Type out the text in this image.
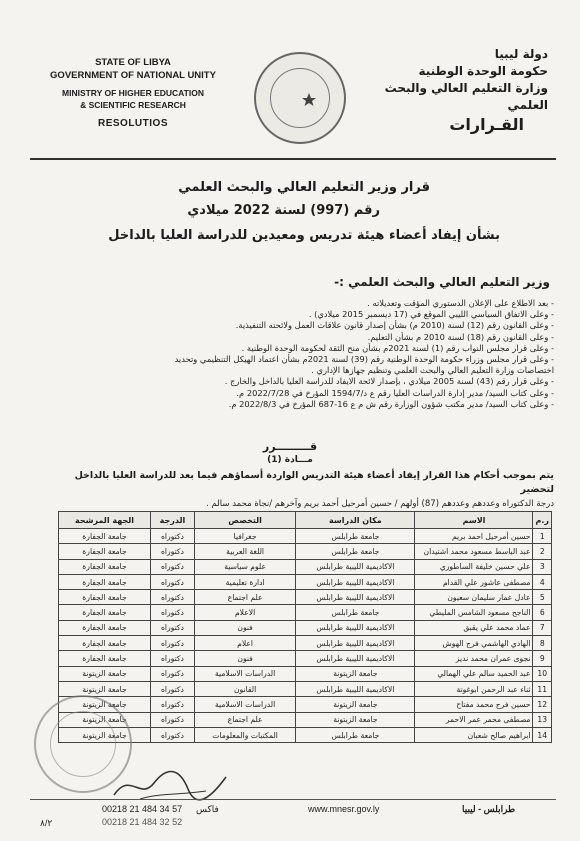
STATE OF LIBYA
GOVERNMENT OF NATIONAL UNITY
MINISTRY OF HIGHER EDUCATION
& SCIENTIFIC RESEARCH
RESOLUTIOS
دولة ليبيا
حكومة الوحدة الوطنية
وزارة التعليم العالي والبحث العلمي
القـرارات
قرار وزير التعليم العالي والبحث العلمي
رقم (997) لسنة 2022 ميلادي
بشأن إيفاد أعضاء هيئة تدريس ومعيدين للدراسة العليا بالداخل
وزير التعليم العالي والبحث العلمي :-
- بعد الاطلاع على الإعلان الدستوري المؤقت وتعديلاته .
- وعلى الاتفاق السياسي الليبي الموقع في (17 ديسمبر 2015 ميلادي) .
- وعلى القانون رقم (12) لسنة (2010 م) بشأن إصدار قانون علاقات العمل ولائحته التنفيذية.
- وعلى القانون رقم (18) لسنة 2010 م بشأن التعليم.
- وعلى قرار مجلس النواب رقم (1) لسنة 2021م بشأن منح الثقة لحكومة الوحدة الوطنية .
- وعلى قرار مجلس وزراء حكومة الوحدة الوطنية رقم (39) لسنة 2021م بشأن اعتماد الهيكل التنظيمي وتحديد
اختصاصات وزارة التعليم العالي والبحث العلمي وتنظيم جهازها الإداري .
- وعلى قرار رقم (43) لسنة 2005 ميلادي ، بإصدار لائحة الايفاد للدراسة العليا بالداخل والخارج .
- وعلى كتاب السيد/ مدير إدارة الدراسات العليا رقم ع د/1594/7 المؤرخ في 2022/7/28 م.
- وعلى كتاب السيد/ مدير مكتب شؤون الوزارة رقم ش م ع 16-687 المؤرخ في 2022/8/3 م.
قـــــــــرر
مـــادة (1)
يتم بموجب أحكام هذا القرار إيفاد أعضاء هيئة التدريس الواردة أسماؤهم فيما بعد للدراسة العليا بالداخل لتحضير
درجة الدكتوراه وعددهم وعددهم (87) أولهم / حسين أمرحيل أحمد بريم وآخرهم /نجاة محمد سالم .
ر.م	الاسم	مكان الدراسة	التخصص	الدرجة	الجهة المرشحة
1	حسين أمرحيل احمد بريم	جامعة طرابلس	جغرافيا	دكتوراه	جامعة الجفارة
2	عبد الباسط مسعود محمد اشتيدان	جامعة طرابلس	اللغة العربية	دكتوراه	جامعة الجفارة
3	علي حسين خليفة الساطوري	الاكاديمية الليبية طرابلس	علوم سياسية	دكتوراه	جامعة الجفارة
4	مصطفى عاشور علي القدام	الاكاديمية الليبية طرابلس	ادارة تعليمية	دكتوراه	جامعة الجفارة
5	عادل عمار سليمان سعيون	الاكاديمية الليبية طرابلس	علم اجتماع	دكتوراه	جامعة الجفارة
6	الناجح مسعود الشامس المليطي	جامعة طرابلس	الاعلام	دكتوراه	جامعة الجفارة
7	عماد محمد علي يقبق	الاكاديمية الليبية طرابلس	فنون	دكتوراه	جامعة الجفارة
8	الهادي الهاشمي فرج الهوش	الاكاديمية الليبية طرابلس	اعلام	دكتوراه	جامعة الجفارة
9	نجوى عمران محمد نديز	الاكاديمية الليبية طرابلس	فنون	دكتوراه	جامعة الجفارة
10	عبد الحميد سالم علي الهمالي	جامعة الزيتونة	الدراسات الاسلامية	دكتوراه	جامعة الزيتونة
11	ثناء عبد الرحمن ابوغوتة	الاكاديمية الليبية طرابلس	القانون	دكتوراه	جامعة الزيتونة
12	حسين فرج محمد مفتاح	جامعة الزيتونة	الدراسات الاسلامية	دكتوراه	جامعة الزيتونة
13	مصطفى محمر عمر الاحمر	جامعة الزيتونة	علم اجتماع	دكتوراه	جامعة الزيتونة
14	ابراهيم صالح شعبان	جامعة طرابلس	المكتبات والمعلومات	دكتوراه	جامعة الزيتونة
00218 21 484 34 57
00218 21 484 32 52
فاكس	www.mnesr.gov.ly	طرابلس - ليبيا
٨/٢
